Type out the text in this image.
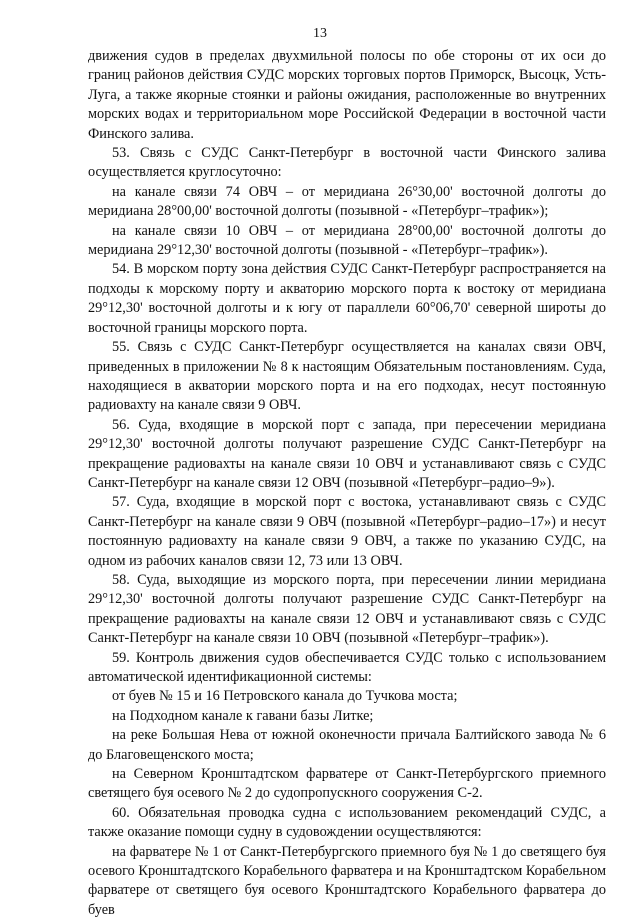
13

движения судов в пределах двухмильной полосы по обе стороны от их оси до границ районов действия СУДС морских торговых портов Приморск, Высоцк, Усть-Луга, а также якорные стоянки и районы ожидания, расположенные во внутренних морских водах и территориальном море Российской Федерации в восточной части Финского залива.

53. Связь с СУДС Санкт-Петербург в восточной части Финского залива осуществляется круглосуточно:

на канале связи 74 ОВЧ – от меридиана 26°30,00' восточной долготы до меридиана 28°00,00' восточной долготы (позывной - «Петербург–трафик»);

на канале связи 10 ОВЧ – от меридиана 28°00,00' восточной долготы до меридиана 29°12,30' восточной долготы (позывной - «Петербург–трафик»).

54. В морском порту зона действия СУДС Санкт-Петербург распространяется на подходы к морскому порту и акваторию морского порта к востоку от меридиана 29°12,30' восточной долготы и к югу от параллели 60°06,70' северной широты до восточной границы морского порта.

55. Связь с СУДС Санкт-Петербург осуществляется на каналах связи ОВЧ, приведенных в приложении № 8 к настоящим Обязательным постановлениям. Суда, находящиеся в акватории морского порта и на его подходах, несут постоянную радиовахту на канале связи 9 ОВЧ.

56. Суда, входящие в морской порт с запада, при пересечении меридиана 29°12,30' восточной долготы получают разрешение СУДС Санкт-Петербург на прекращение радиовахты на канале связи 10 ОВЧ и устанавливают связь с СУДС Санкт-Петербург на канале связи 12 ОВЧ (позывной «Петербург–радио–9»).

57. Суда, входящие в морской порт с востока, устанавливают связь с СУДС Санкт-Петербург на канале связи 9 ОВЧ (позывной «Петербург–радио–17») и несут постоянную радиовахту на канале связи 9 ОВЧ, а также по указанию СУДС, на одном из рабочих каналов связи 12, 73 или 13 ОВЧ.

58. Суда, выходящие из морского порта, при пересечении линии меридиана 29°12,30' восточной долготы получают разрешение СУДС Санкт-Петербург на прекращение радиовахты на канале связи 12 ОВЧ и устанавливают связь с СУДС Санкт-Петербург на канале связи 10 ОВЧ (позывной «Петербург–трафик»).

59. Контроль движения судов обеспечивается СУДС только с использованием автоматической идентификационной системы:

от буев № 15 и 16 Петровского канала до Тучкова моста;

на Подходном канале к гавани базы Литке;

на реке Большая Нева от южной оконечности причала Балтийского завода № 6 до Благовещенского моста;

на Северном Кронштадтском фарватере от Санкт-Петербургского приемного светящего буя осевого № 2 до судопропускного сооружения С-2.

60. Обязательная проводка судна с использованием рекомендаций СУДС, а также оказание помощи судну в судовождении осуществляются:

на фарватере № 1 от Санкт-Петербургского приемного буя № 1 до светящего буя осевого Кронштадтского Корабельного фарватера и на Кронштадтском Корабельном фарватере от светящего буя осевого Кронштадтского Корабельного фарватера до буев
